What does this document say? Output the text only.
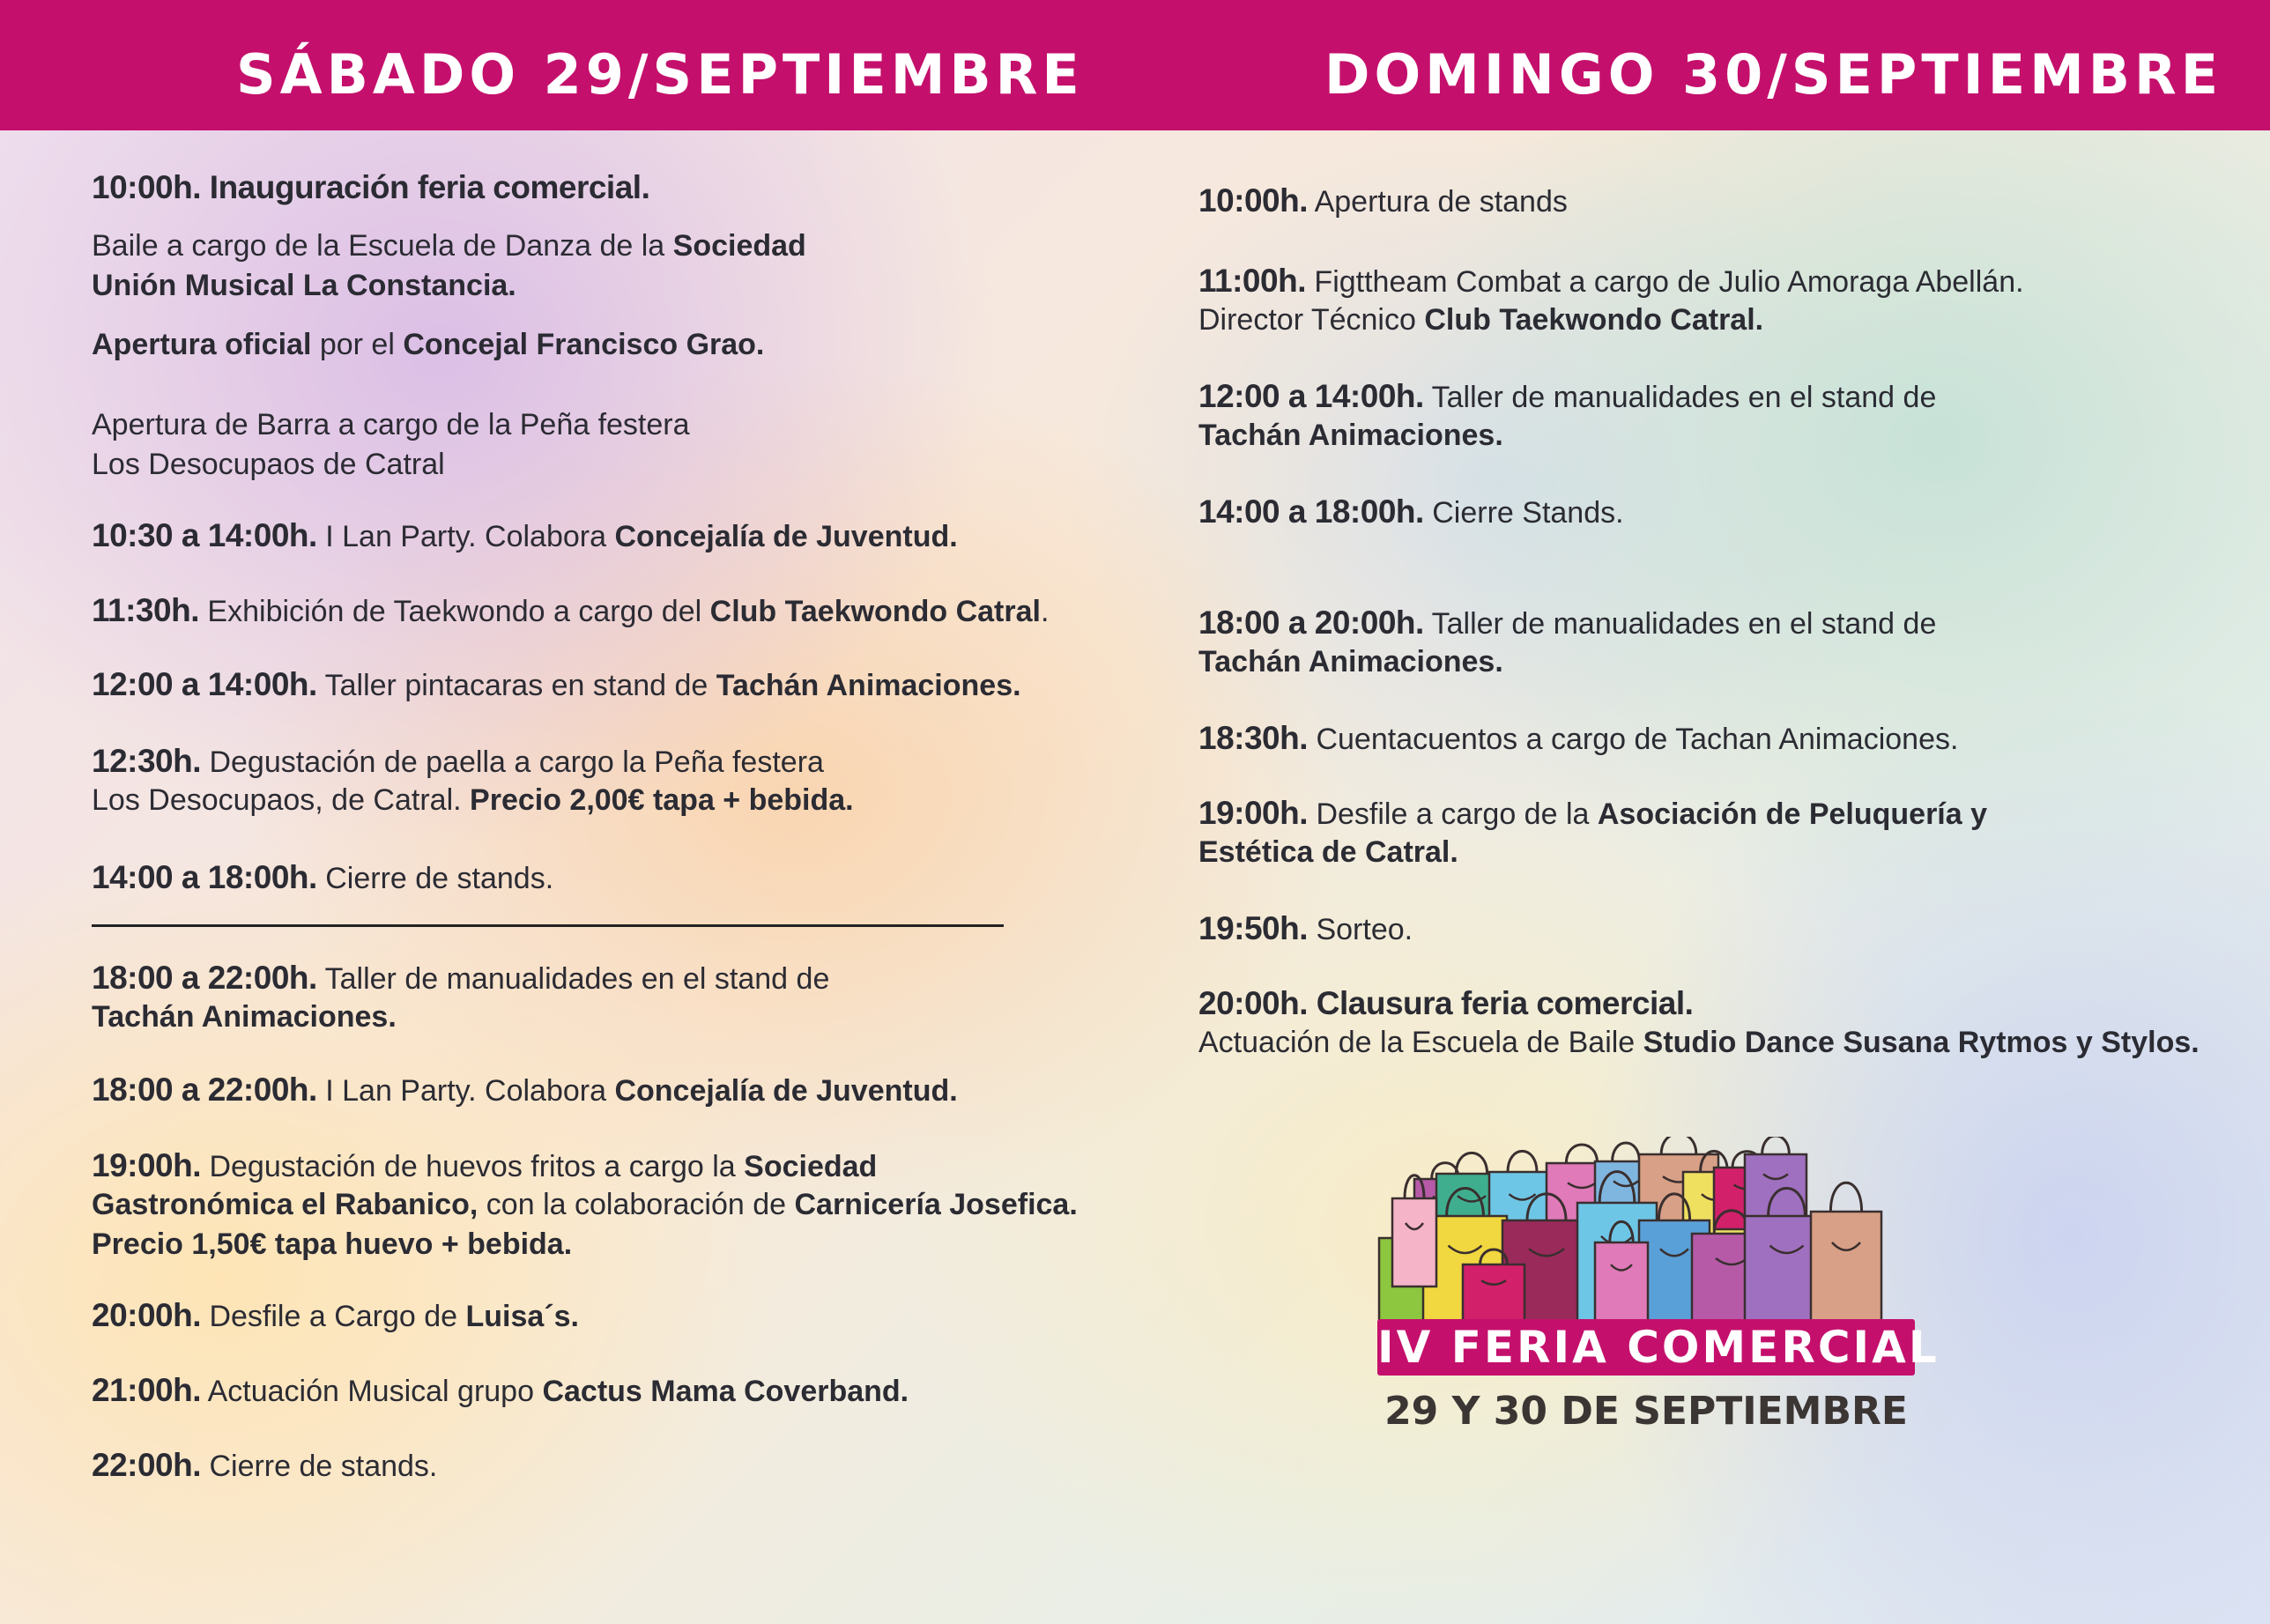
SÁBADO 29/SEPTIEMBRE	DOMINGO 30/SEPTIEMBRE

10:00h. Inauguración feria comercial.

Baile a cargo de la Escuela de Danza de la Sociedad

Unión Musical La Constancia.

Apertura oficial por el Concejal Francisco Grao.

Apertura de Barra a cargo de la Peña festera

Los Desocupaos de Catral

10:30 a 14:00h. I Lan Party. Colabora Concejalía de Juventud.

11:30h. Exhibición de Taekwondo a cargo del Club Taekwondo Catral.

12:00 a 14:00h. Taller pintacaras en stand de Tachán Animaciones.

12:30h. Degustación de paella a cargo la Peña festera

Los Desocupaos, de Catral. Precio 2,00€ tapa + bebida.

14:00 a 18:00h. Cierre de stands.

18:00 a 22:00h. Taller de manualidades en el stand de

Tachán Animaciones.

18:00 a 22:00h. I Lan Party. Colabora Concejalía de Juventud.

19:00h. Degustación de huevos fritos a cargo la Sociedad

Gastronómica el Rabanico, con la colaboración de Carnicería Josefica.

Precio 1,50€ tapa huevo + bebida.

20:00h. Desfile a Cargo de Luisa´s.

21:00h. Actuación Musical grupo Cactus Mama Coverband.

22:00h. Cierre de stands.

10:00h. Apertura de stands

11:00h. Figttheam Combat a cargo de Julio Amoraga Abellán.

Director Técnico Club Taekwondo Catral.

12:00 a 14:00h. Taller de manualidades en el stand de

Tachán Animaciones.

14:00 a 18:00h. Cierre Stands.

18:00 a 20:00h. Taller de manualidades en el stand de

Tachán Animaciones.

18:30h. Cuentacuentos a cargo de Tachan Animaciones.

19:00h. Desfile a cargo de la Asociación de Peluquería y

Estética de Catral.

19:50h. Sorteo.

20:00h. Clausura feria comercial.

Actuación de la Escuela de Baile Studio Dance Susana Rytmos y Stylos.

IV FERIA COMERCIAL
29 Y 30 DE SEPTIEMBRE
